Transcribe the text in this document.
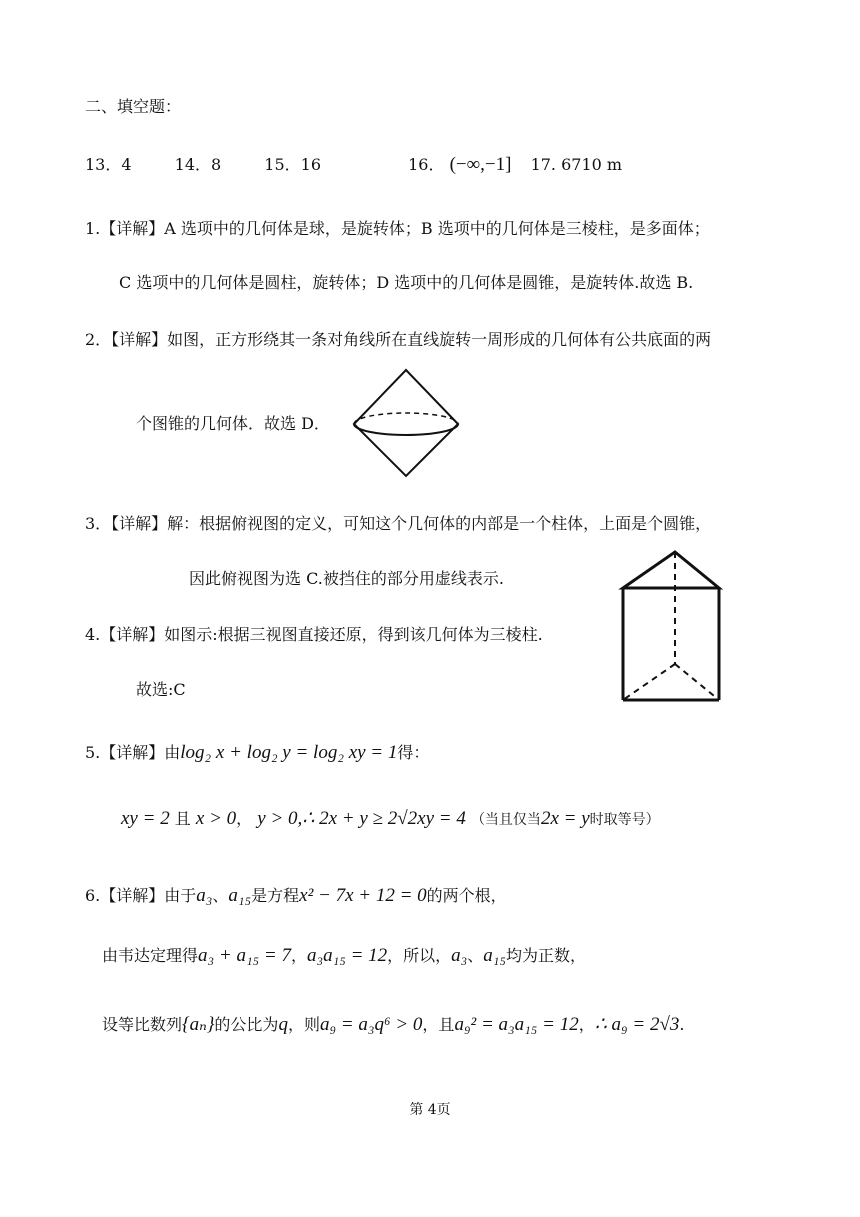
二、填空题：
13．4	14．8	15．16	16． (−∞,−1] 17. 6710 m
1.【详解】A 选项中的几何体是球，是旋转体；B 选项中的几何体是三棱柱，是多面体；
C 选项中的几何体是圆柱，旋转体；D 选项中的几何体是圆锥，是旋转体.故选 B.
2．【详解】如图，正方形绕其一条对角线所在直线旋转一周形成的几何体有公共底面的两
个图锥的几何体．故选 D．
3．【详解】解：根据俯视图的定义，可知这个几何体的内部是一个柱体，上面是个圆锥，
因此俯视图为选 C.被挡住的部分用虚线表示.
4.【详解】如图示:根据三视图直接还原，得到该几何体为三棱柱.
故选:C
5.【详解】由log₂ x + log₂ y = log₂ xy = 1得：
xy = 2 且 x > 0， y > 0,∴ 2x + y ≥ 2√2xy = 4 （当且仅当2x = y时取等号）
6.【详解】由于a₃、a₁₅是方程x² − 7x + 12 = 0的两个根，
由韦达定理得a₃ + a₁₅ = 7，a₃a₁₅ = 12，所以，a₃、a₁₅均为正数，
设等比数列{aₙ}的公比为q，则a₉ = a₃q⁶ > 0，且a₉² = a₃a₁₅ = 12，∴ a₉ = 2√3.
第 4页
